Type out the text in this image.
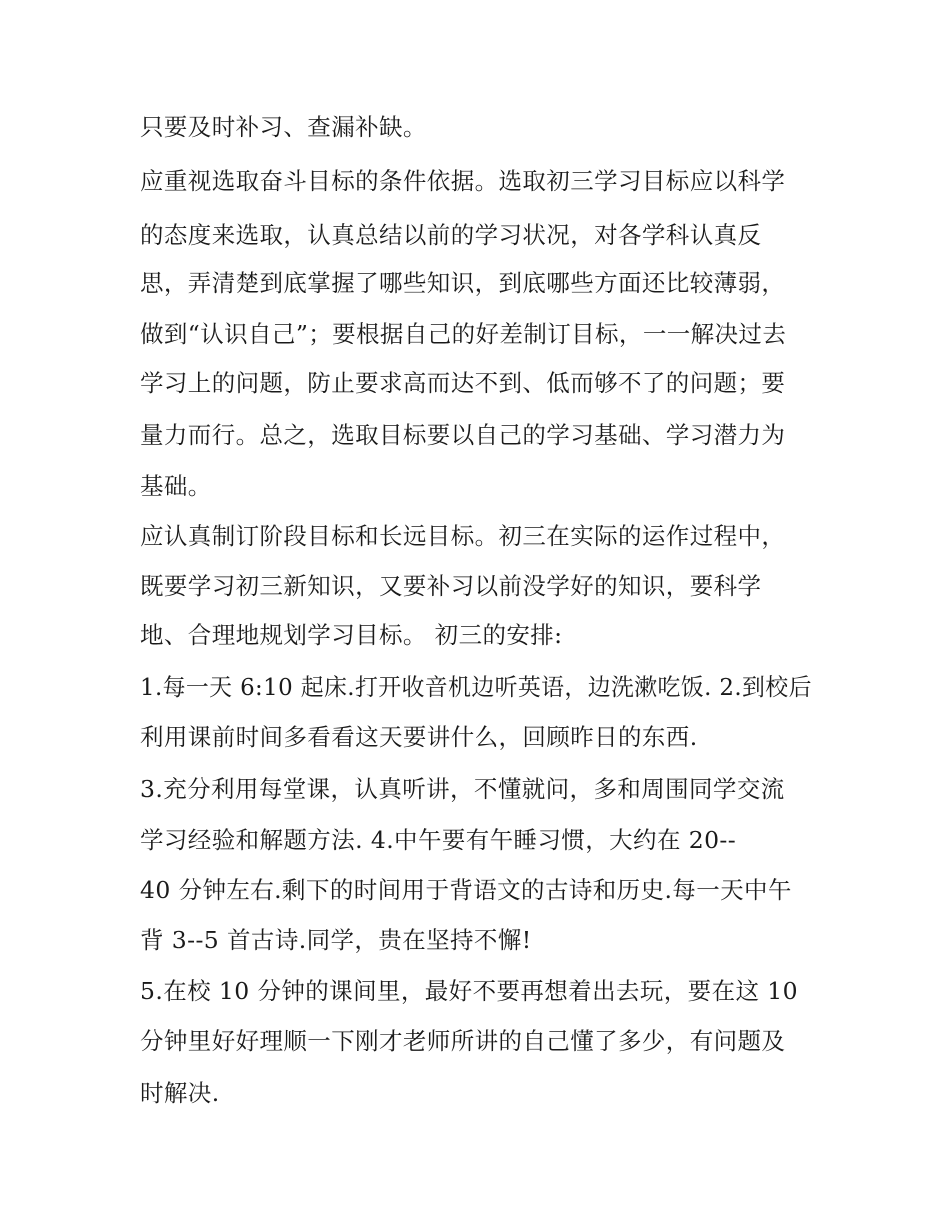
只要及时补习、查漏补缺。
应重视选取奋斗目标的条件依据。选取初三学习目标应以科学
的态度来选取，认真总结以前的学习状况，对各学科认真反
思，弄清楚到底掌握了哪些知识，到底哪些方面还比较薄弱，
做到“认识自己”；要根据自己的好差制订目标，一一解决过去
学习上的问题，防止要求高而达不到、低而够不了的问题；要
量力而行。总之，选取目标要以自己的学习基础、学习潜力为
基础。
应认真制订阶段目标和长远目标。初三在实际的运作过程中，
既要学习初三新知识，又要补习以前没学好的知识，要科学
地、合理地规划学习目标。 初三的安排:
1.每一天 6:10 起床.打开收音机边听英语，边洗漱吃饭. 2.到校后
利用课前时间多看看这天要讲什么，回顾昨日的东西.
3.充分利用每堂课，认真听讲，不懂就问，多和周围同学交流
学习经验和解题方法. 4.中午要有午睡习惯，大约在 20--
40 分钟左右.剩下的时间用于背语文的古诗和历史.每一天中午
背 3--5 首古诗.同学，贵在坚持不懈!
5.在校 10 分钟的课间里，最好不要再想着出去玩，要在这 10
分钟里好好理顺一下刚才老师所讲的自己懂了多少，有问题及
时解决.
